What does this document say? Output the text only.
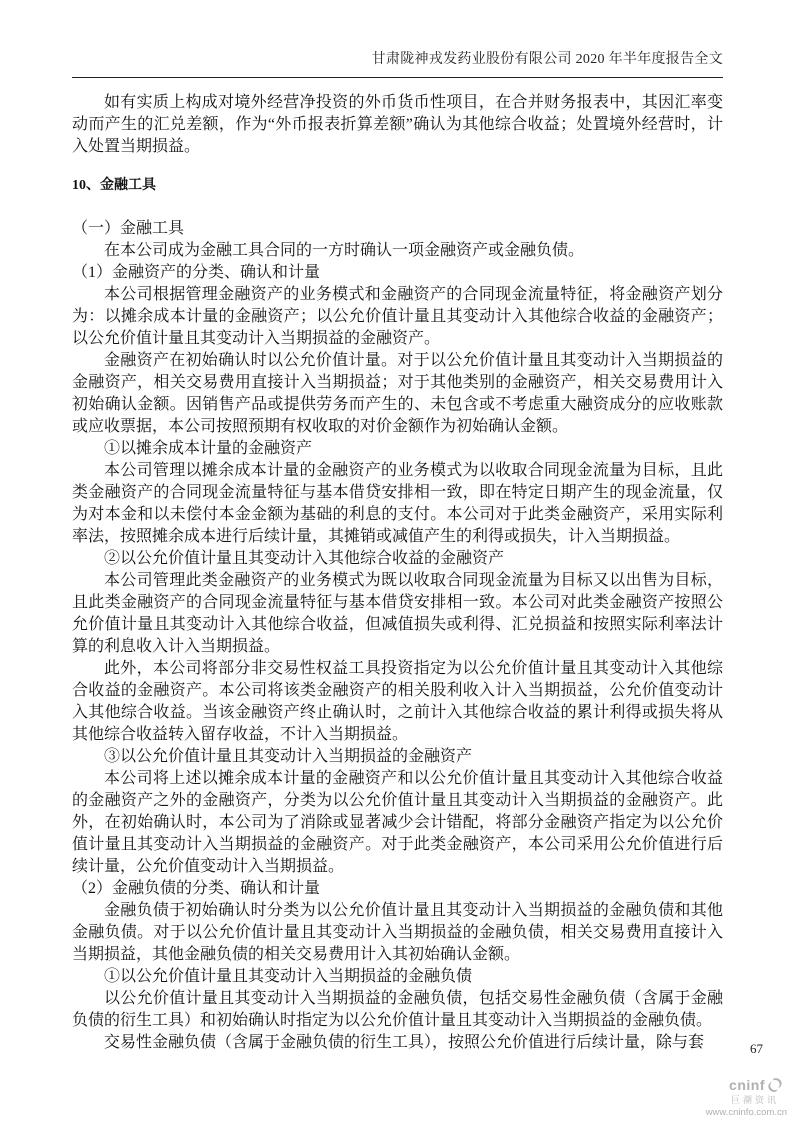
甘肃陇神戎发药业股份有限公司 2020 年半年度报告全文

如有实质上构成对境外经营净投资的外币货币性项目，在合并财务报表中，其因汇率变动而产生的汇兑差额，作为“外币报表折算差额”确认为其他综合收益；处置境外经营时，计入处置当期损益。

10、金融工具

（一）金融工具

在本公司成为金融工具合同的一方时确认一项金融资产或金融负债。

（1）金融资产的分类、确认和计量

本公司根据管理金融资产的业务模式和金融资产的合同现金流量特征，将金融资产划分为：以摊余成本计量的金融资产；以公允价值计量且其变动计入其他综合收益的金融资产；以公允价值计量且其变动计入当期损益的金融资产。

金融资产在初始确认时以公允价值计量。对于以公允价值计量且其变动计入当期损益的金融资产，相关交易费用直接计入当期损益；对于其他类别的金融资产，相关交易费用计入初始确认金额。因销售产品或提供劳务而产生的、未包含或不考虑重大融资成分的应收账款或应收票据，本公司按照预期有权收取的对价金额作为初始确认金额。

①以摊余成本计量的金融资产

本公司管理以摊余成本计量的金融资产的业务模式为以收取合同现金流量为目标，且此类金融资产的合同现金流量特征与基本借贷安排相一致，即在特定日期产生的现金流量，仅为对本金和以未偿付本金金额为基础的利息的支付。本公司对于此类金融资产，采用实际利率法，按照摊余成本进行后续计量，其摊销或减值产生的利得或损失，计入当期损益。

②以公允价值计量且其变动计入其他综合收益的金融资产

本公司管理此类金融资产的业务模式为既以收取合同现金流量为目标又以出售为目标，且此类金融资产的合同现金流量特征与基本借贷安排相一致。本公司对此类金融资产按照公允价值计量且其变动计入其他综合收益，但减值损失或利得、汇兑损益和按照实际利率法计算的利息收入计入当期损益。

此外，本公司将部分非交易性权益工具投资指定为以公允价值计量且其变动计入其他综合收益的金融资产。本公司将该类金融资产的相关股利收入计入当期损益，公允价值变动计入其他综合收益。当该金融资产终止确认时，之前计入其他综合收益的累计利得或损失将从其他综合收益转入留存收益，不计入当期损益。

③以公允价值计量且其变动计入当期损益的金融资产

本公司将上述以摊余成本计量的金融资产和以公允价值计量且其变动计入其他综合收益的金融资产之外的金融资产，分类为以公允价值计量且其变动计入当期损益的金融资产。此外，在初始确认时，本公司为了消除或显著减少会计错配，将部分金融资产指定为以公允价值计量且其变动计入当期损益的金融资产。对于此类金融资产，本公司采用公允价值进行后续计量，公允价值变动计入当期损益。

（2）金融负债的分类、确认和计量

金融负债于初始确认时分类为以公允价值计量且其变动计入当期损益的金融负债和其他金融负债。对于以公允价值计量且其变动计入当期损益的金融负债，相关交易费用直接计入当期损益，其他金融负债的相关交易费用计入其初始确认金额。

①以公允价值计量且其变动计入当期损益的金融负债

以公允价值计量且其变动计入当期损益的金融负债，包括交易性金融负债（含属于金融负债的衍生工具）和初始确认时指定为以公允价值计量且其变动计入当期损益的金融负债。

交易性金融负债（含属于金融负债的衍生工具），按照公允价值进行后续计量，除与套	67
cninf
巨潮资讯
www.cninfo.com.cn
